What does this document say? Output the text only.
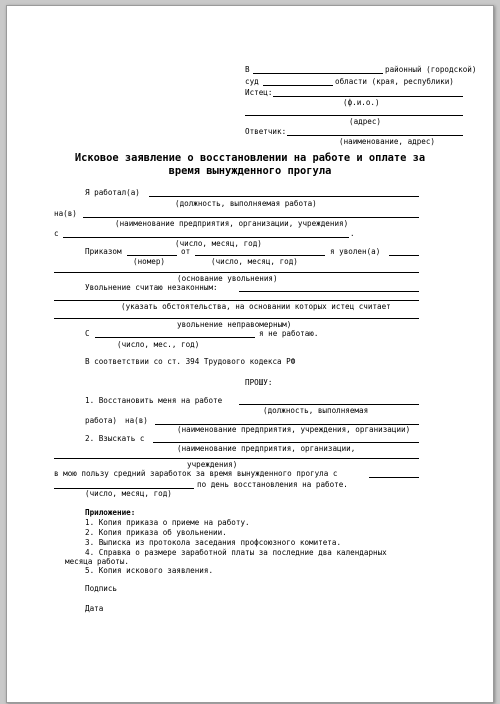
В	районный (городской)
суд	области (края, республики)
Истец:
(ф.и.о.)
(адрес)
Ответчик:
(наименование, адрес)
Исковое заявление о восстановлении на работе и оплате за
время вынужденного прогула
Я работал(а)
(должность, выполняемая работа)
на(в)
(наименование предприятия, организации, учреждения)
с	.
(число, месяц, год)
Приказом	от	я уволен(а)
(номер)	(число, месяц, год)
(основание увольнения)
Увольнение считаю незаконным:
(указать обстоятельства, на основании которых истец считает
увольнение неправомерным)
С	я не работаю.
(число, мес., год)
В соответствии со ст. 394 Трудового кодекса РФ
ПРОШУ:
1. Восстановить меня на работе
(должность, выполняемая
работа) на(в)
(наименование предприятия, учреждения, организации)
2. Взыскать с
(наименование предприятия, организации,
учреждения)
в мою пользу средний заработок за время вынужденного прогула с
по день восстановления на работе.
(число, месяц, год)
Приложение:
1. Копия приказа о приеме на работу.
2. Копия приказа об увольнении.
3. Выписка из протокола заседания профсоюзного комитета.
4. Справка о размере заработной платы за последние два календарных
месяца работы.
5. Копия искового заявления.
Подпись
Дата
